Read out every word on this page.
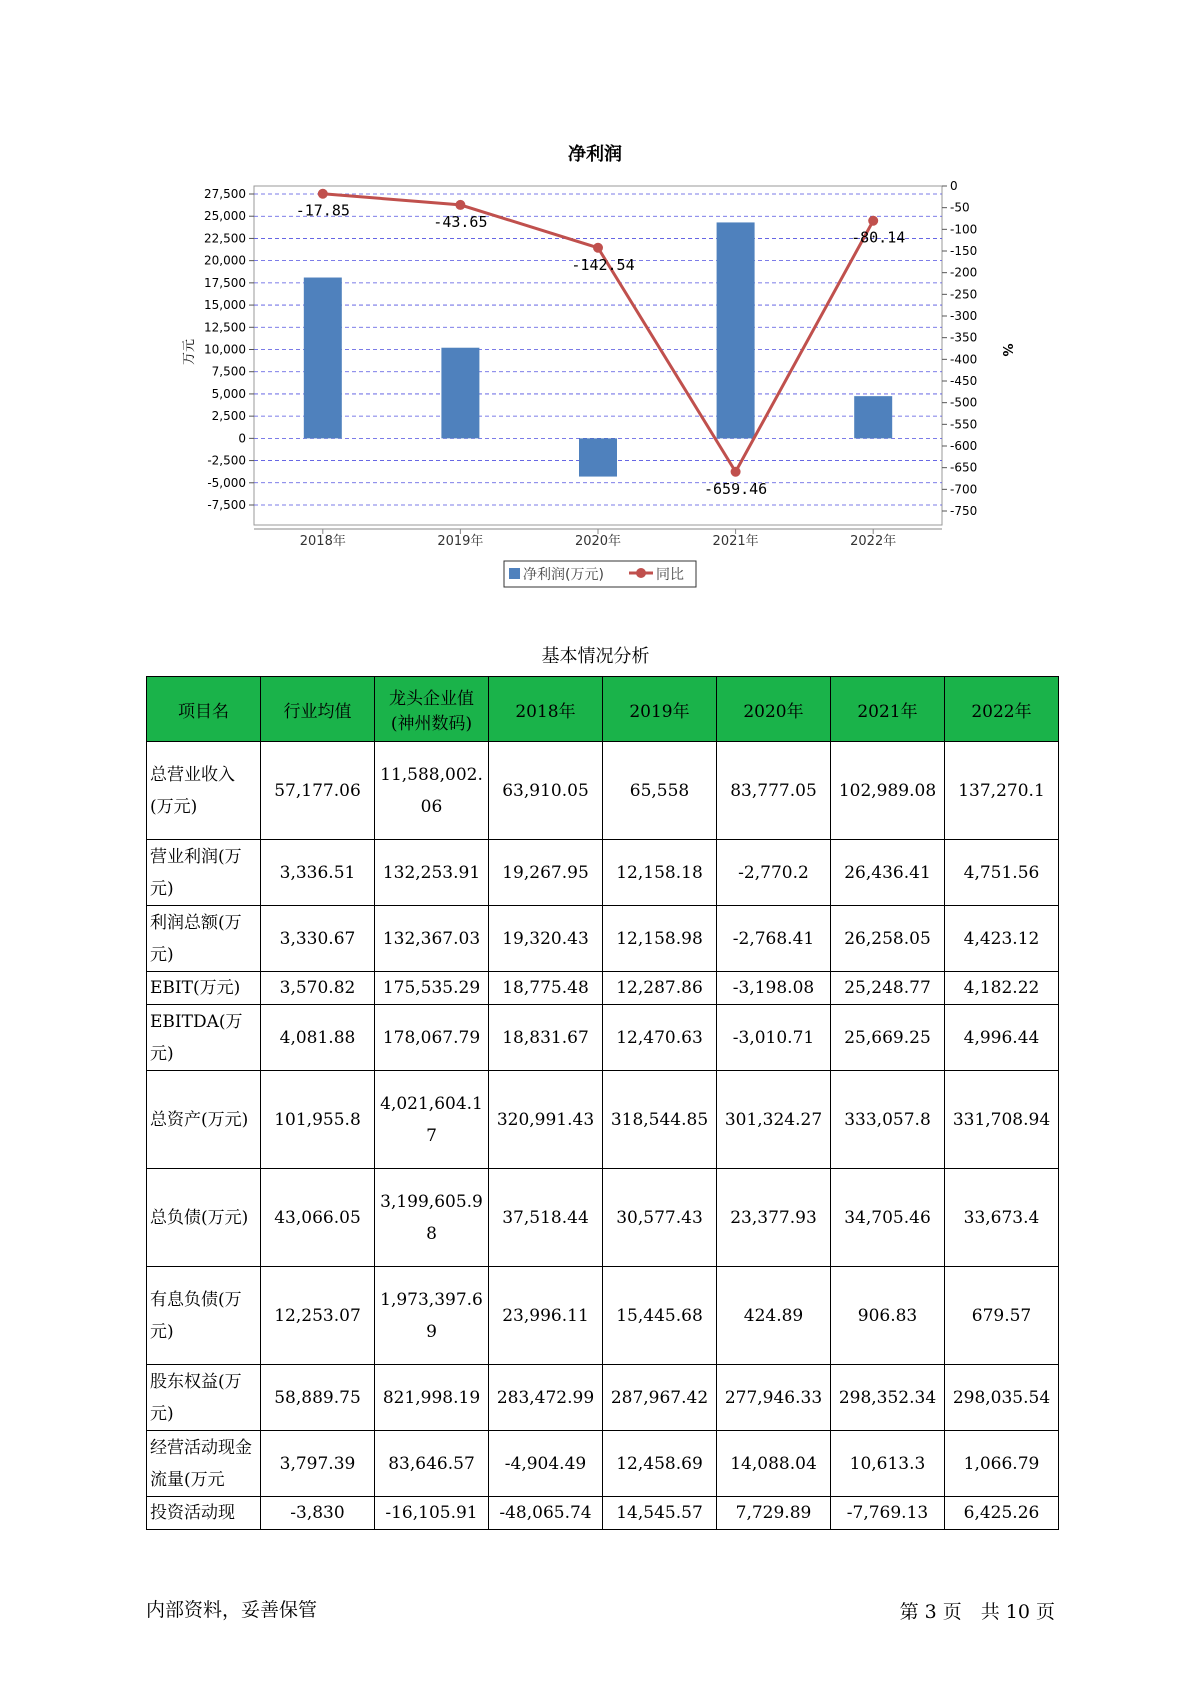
净利润
27,500
25,000
22,500
20,000
17,500
15,000
12,500
10,000
7,500
5,000
2,500
0
-2,500
-5,000
-7,500
0
-50
-100
-150
-200
-250
-300
-350
-400
-450
-500
-550
-600
-650
-700
-750
万元	%
2018年	2019年	2020年	2021年	2022年
-17.85
-43.65
-142.54
-659.46
-80.14
净利润(万元)	同比
基本情况分析
项目名	行业均值	龙头企业值(神州数码)	2018年	2019年	2020年	2021年	2022年
总营业收入(万元)	57,177.06	11,588,002.06	63,910.05	65,558	83,777.05	102,989.08	137,270.1
营业利润(万元)	3,336.51	132,253.91	19,267.95	12,158.18	-2,770.2	26,436.41	4,751.56
利润总额(万元)	3,330.67	132,367.03	19,320.43	12,158.98	-2,768.41	26,258.05	4,423.12
EBIT(万元)	3,570.82	175,535.29	18,775.48	12,287.86	-3,198.08	25,248.77	4,182.22
EBITDA(万元)	4,081.88	178,067.79	18,831.67	12,470.63	-3,010.71	25,669.25	4,996.44
总资产(万元)	101,955.8	4,021,604.17	320,991.43	318,544.85	301,324.27	333,057.8	331,708.94
总负债(万元)	43,066.05	3,199,605.98	37,518.44	30,577.43	23,377.93	34,705.46	33,673.4
有息负债(万元)	12,253.07	1,973,397.69	23,996.11	15,445.68	424.89	906.83	679.57
股东权益(万元)	58,889.75	821,998.19	283,472.99	287,967.42	277,946.33	298,352.34	298,035.54
经营活动现金流量(万元	3,797.39	83,646.57	-4,904.49	12,458.69	14,088.04	10,613.3	1,066.79
投资活动现	-3,830	-16,105.91	-48,065.74	14,545.57	7,729.89	-7,769.13	6,425.26
内部资料，妥善保管	第 3 页　共 10 页
